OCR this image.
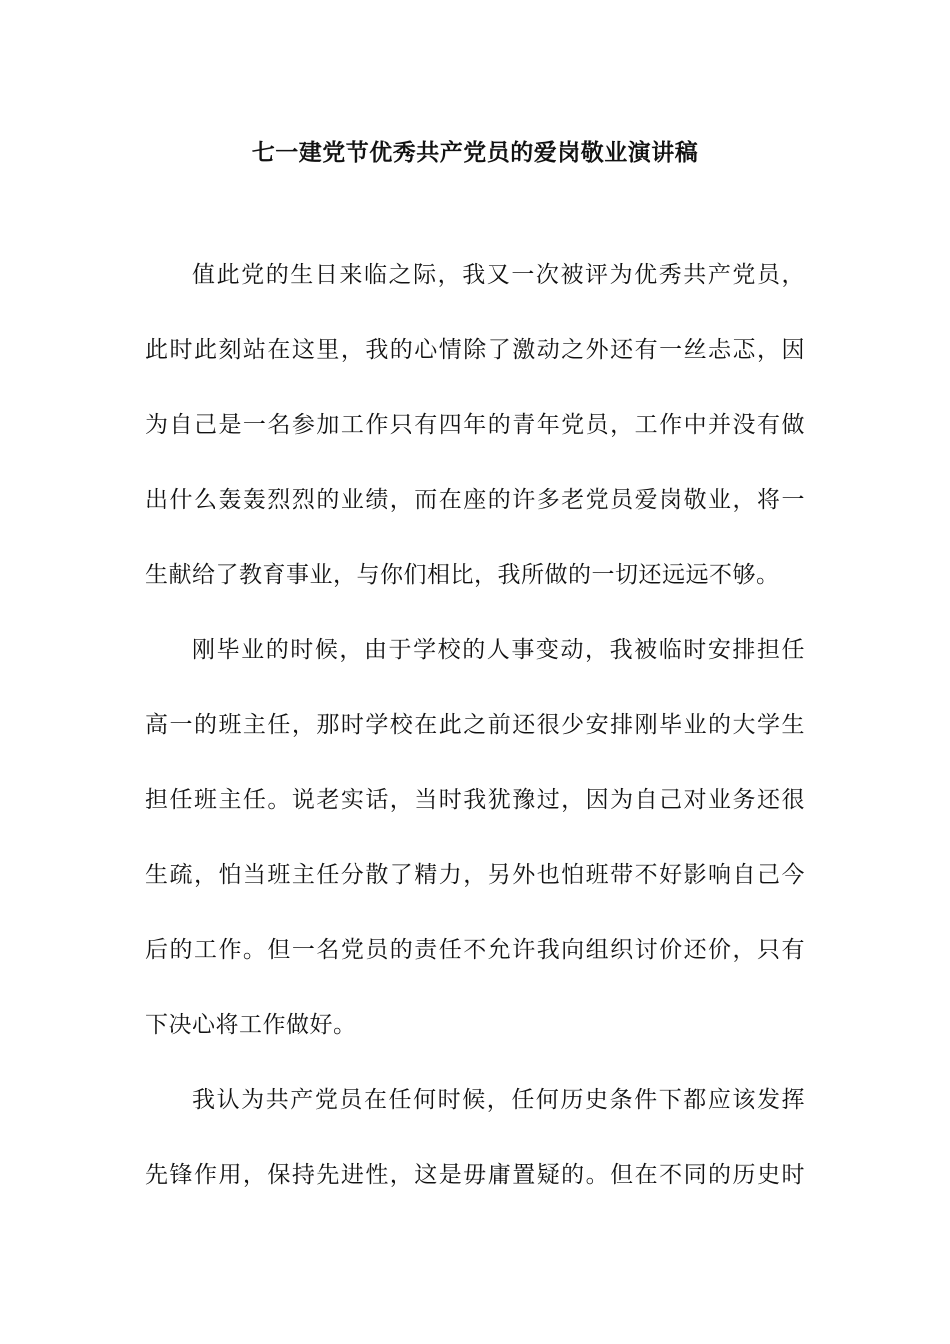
七一建党节优秀共产党员的爱岗敬业演讲稿
值此党的生日来临之际，我又一次被评为优秀共产党员，
此时此刻站在这里，我的心情除了激动之外还有一丝忐忑，因
为自己是一名参加工作只有四年的青年党员，工作中并没有做
出什么轰轰烈烈的业绩，而在座的许多老党员爱岗敬业，将一
生献给了教育事业，与你们相比，我所做的一切还远远不够。
刚毕业的时候，由于学校的人事变动，我被临时安排担任
高一的班主任，那时学校在此之前还很少安排刚毕业的大学生
担任班主任。说老实话，当时我犹豫过，因为自己对业务还很
生疏，怕当班主任分散了精力，另外也怕班带不好影响自己今
后的工作。但一名党员的责任不允许我向组织讨价还价，只有
下决心将工作做好。
我认为共产党员在任何时候，任何历史条件下都应该发挥
先锋作用，保持先进性，这是毋庸置疑的。但在不同的历史时
